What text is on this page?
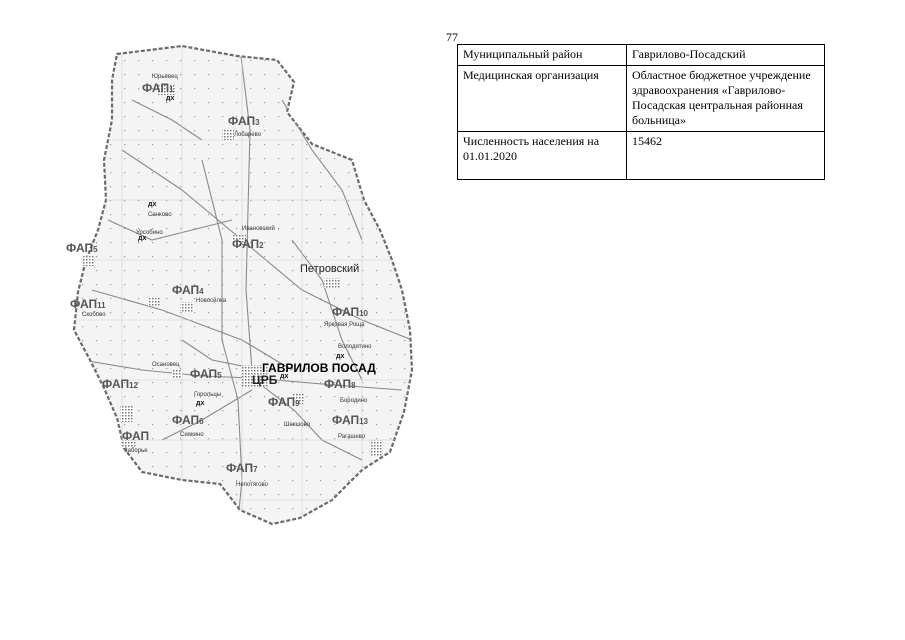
77
Муниципальный район	Гаврилово-Посадский
Медицинская организация	Областное бюджетное учреждение здравоохранения «Гаврилово-Посадская центральная районная больница»
Численность населения на 01.01.2020	15462
ФАП1
ФАП3
ФАП2
ФАП5
ФАП4
ФАП11	ФАП10
ФАП12
ФАП5
ФАП8
ФАП9
ФАП6	ФАП13
ФАП
ФАП7
дх
дх
дх
дх
дх
дх
ГАВРИЛОВ ПОСАД
ЦРБ
Петровский
Санково
Ивановский
Урсобино
Новосёлка
Скобово
Осановец
Горольцы
Шекшово
Бородино
Заборье
Непотягово
Рагашево
Володятино
Ярковая Роща
Лобарево
Юрьевец
Сиякино
